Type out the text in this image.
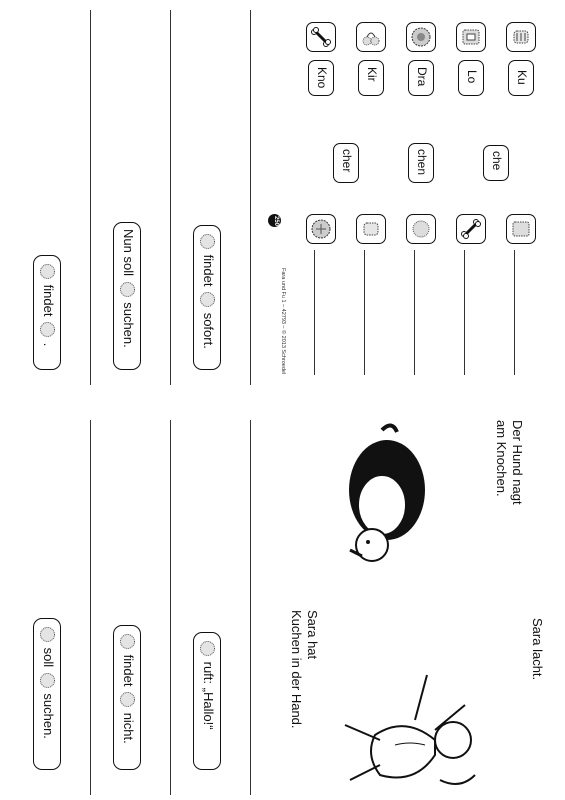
soll  suchen.
findet  nicht.	ruft: „Hallo!“
findet  .
Nun soll  suchen.
findet  sofort.	Fara und Fu 1 – 42793 – © 2013 Schroedel
250
Kno	Kir	Dra	Lo	Ku
cher	chen	che
Der Hund nagt
am Knochen.
Sara lacht.
Sara hat
Kuchen in der Hand.
